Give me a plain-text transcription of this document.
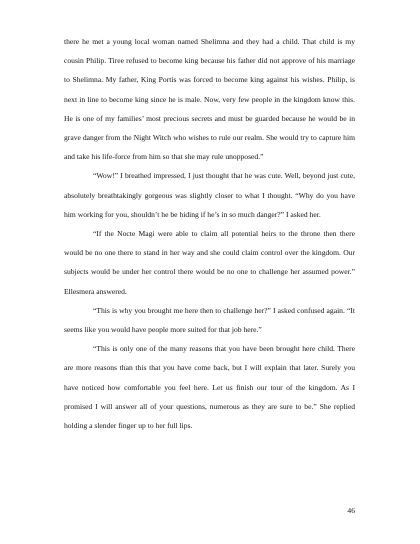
there he met a young local woman named Shelimna and they had a child. That child is my cousin Philip. Tiree refused to become king because his father did not approve of his marriage to Shelimna. My father, King Portis was forced to become king against his wishes. Philip, is next in line to become king since he is male. Now, very few people in the kingdom know this. He is one of my families’ most precious secrets and must be guarded because he would be in grave danger from the Night Witch who wishes to rule our realm. She would try to capture him and take his life-force from him so that she may rule unopposed.”

“Wow!” I breathed impressed, I just thought that he was cute. Well, beyond just cute, absolutely breathtakingly gorgeous was slightly closer to what I thought. “Why do you have him working for you, shouldn’t he be hiding if he’s in so much danger?” I asked her.

“If the Nocte Magi were able to claim all potential heirs to the throne then there would be no one there to stand in her way and she could claim control over the kingdom. Our subjects would be under her control there would be no one to challenge her assumed power.” Ellesmera answered.

“This is why you brought me here then to challenge her?” I asked confused again. “It seems like you would have people more suited for that job here.”

“This is only one of the many reasons that you have been brought here child. There are more reasons than this that you have come back, but I will explain that later. Surely you have noticed how comfortable you feel here. Let us finish our tour of the kingdom. As I promised I will answer all of your questions, numerous as they are sure to be.” She replied holding a slender finger up to her full lips.

46
